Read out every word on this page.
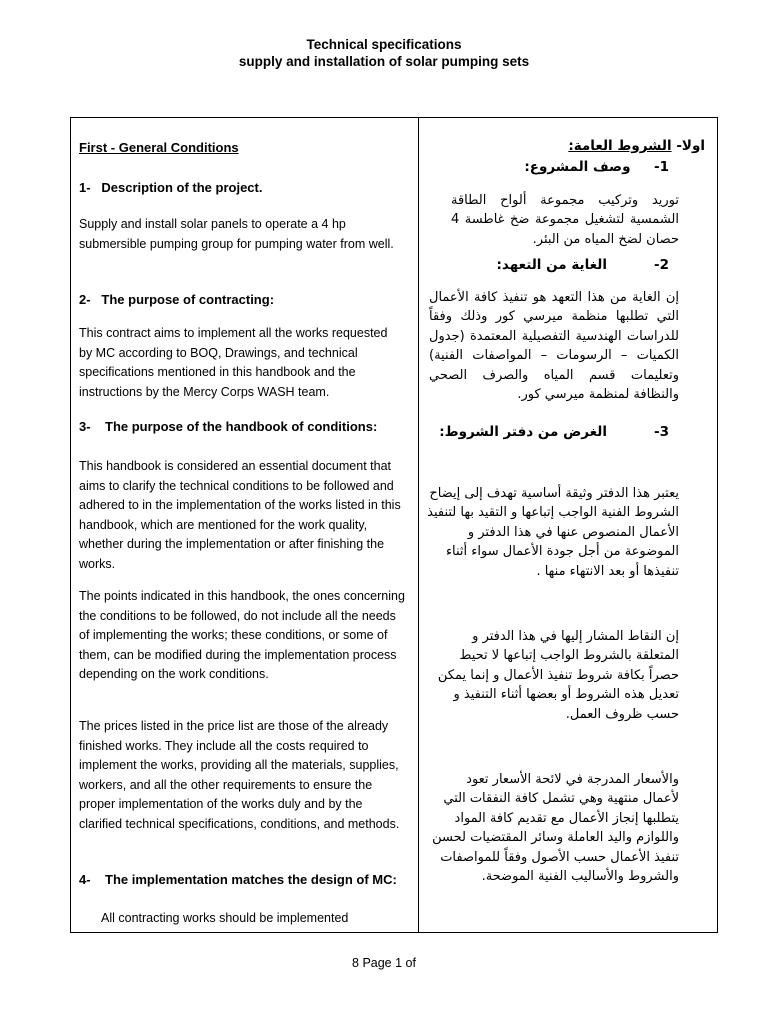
Technical specifications
supply and installation of solar pumping sets
First - General Conditions
1- Description of the project.
Supply and install solar panels to operate a 4 hp submersible pumping group for pumping water from well.
2- The purpose of contracting:
This contract aims to implement all the works requested by MC according to BOQ, Drawings, and technical specifications mentioned in this handbook and the instructions by the Mercy Corps WASH team.
3- The purpose of the handbook of conditions:
This handbook is considered an essential document that aims to clarify the technical conditions to be followed and adhered to in the implementation of the works listed in this handbook, which are mentioned for the work quality, whether during the implementation or after finishing the works.
The points indicated in this handbook, the ones concerning the conditions to be followed, do not include all the needs of implementing the works; these conditions, or some of them, can be modified during the implementation process depending on the work conditions.
The prices listed in the price list are those of the already finished works. They include all the costs required to implement the works, providing all the materials, supplies, workers, and all the other requirements to ensure the proper implementation of the works duly and by the clarified technical specifications, conditions, and methods.
4- The implementation matches the design of MC:
All contracting works should be implemented
اولا- الشروط العامة:
1-     وصف المشروع:
توريد وتركيب مجموعة ألواح الطاقة الشمسية لتشغيل مجموعة ضخ غاطسة 4 حصان لضخ المياه من البئر.
2-          الغاية من التعهد:
إن الغاية من هذا التعهد هو تنفيذ كافة الأعمال التي تطلبها منظمة ميرسي كور وذلك وفقاً للدراسات الهندسية التفصيلية المعتمدة (جدول الكميات – الرسومات – المواصفات الفنية) وتعليمات قسم المياه والصرف الصحي والنظافة لمنظمة ميرسي كور.
3-          الغرض من دفتر الشروط:
يعتبر هذا الدفتر وثيقة أساسية تهدف إلى إيضاح الشروط الفنية الواجب إتباعها و التقيد بها لتنفيذ الأعمال المنصوص عنها في هذا الدفتر و الموضوعة من أجل جودة الأعمال سواء أثناء تنفيذها أو بعد الانتهاء منها .
إن النقاط المشار إليها في هذا الدفتر و المتعلقة بالشروط الواجب إتباعها لا تحيط حصراً بكافة شروط تنفيذ الأعمال و إنما يمكن تعديل هذه الشروط أو بعضها أثناء التنفيذ و حسب ظروف العمل.
والأسعار المدرجة في لائحة الأسعار تعود لأعمال منتهية وهي تشمل كافة النفقات التي يتطلبها إنجاز الأعمال مع تقديم كافة المواد واللوازم واليد العاملة وسائر المقتضيات لحسن تنفيذ الأعمال حسب الأصول وفقاً للمواصفات والشروط والأساليب الفنية الموضحة.
8 Page 1 of
